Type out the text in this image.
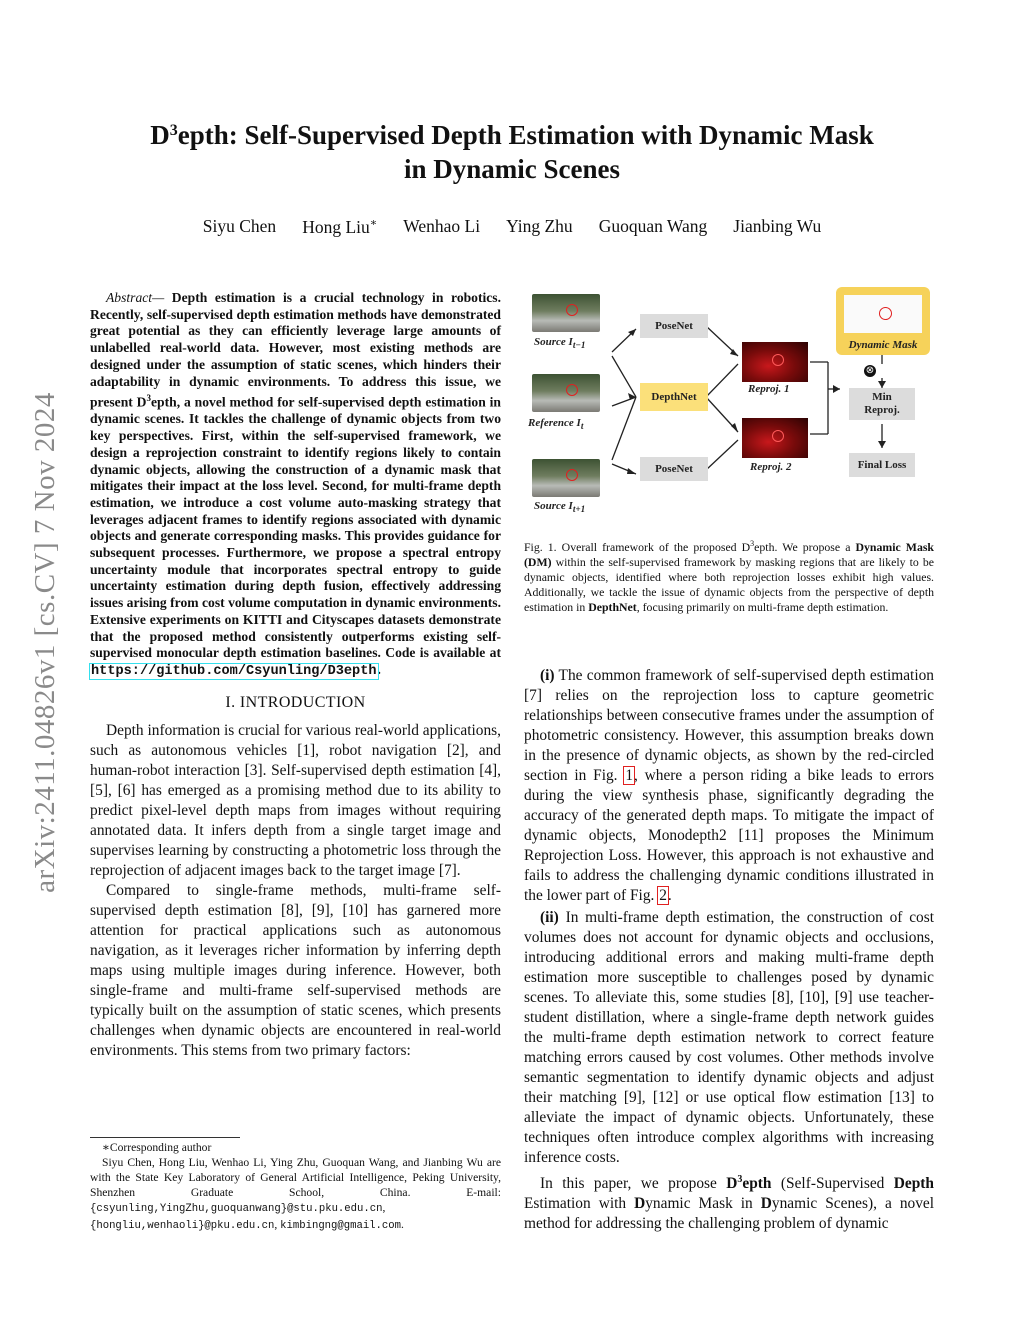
arXiv:2411.04826v1 [cs.CV] 7 Nov 2024
$D^3epth$: Self-Supervised Depth Estimation with Dynamic Mask
in Dynamic Scenes
Siyu Chen Hong Liu∗ Wenhao Li Ying Zhu Guoquan Wang Jianbing Wu

Abstract— Depth estimation is a crucial technology in robotics. Recently, self-supervised depth estimation methods have demonstrated great potential as they can efficiently leverage large amounts of unlabelled real-world data. However, most existing methods are designed under the assumption of static scenes, which hinders their adaptability in dynamic environments. To address this issue, we present $D^3epth$, a novel method for self-supervised depth estimation in dynamic scenes. It tackles the challenge of dynamic objects from two key perspectives. First, within the self-supervised framework, we design a reprojection constraint to identify regions likely to contain dynamic objects, allowing the construction of a dynamic mask that mitigates their impact at the loss level. Second, for multi-frame depth estimation, we introduce a cost volume auto-masking strategy that leverages adjacent frames to identify regions associated with dynamic objects and generate corresponding masks. This provides guidance for subsequent processes. Furthermore, we propose a spectral entropy uncertainty module that incorporates spectral entropy to guide uncertainty estimation during depth fusion, effectively addressing issues arising from cost volume computation in dynamic environments. Extensive experiments on KITTI and Cityscapes datasets demonstrate that the proposed method consistently outperforms existing self-supervised monocular depth estimation baselines. Code is available at https://github.com/Csyunling/D3epth.

I. INTRODUCTION

Depth information is crucial for various real-world applications, such as autonomous vehicles [1], robot navigation [2], and human-robot interaction [3]. Self-supervised depth estimation [4], [5], [6] has emerged as a promising method due to its ability to predict pixel-level depth maps from images without requiring annotated data. It infers depth from a single target image and supervises learning by constructing a photometric loss through the reprojection of adjacent images back to the target image [7].

Compared to single-frame methods, multi-frame self-supervised depth estimation [8], [9], [10] has garnered more attention for practical applications such as autonomous navigation, as it leverages richer information by inferring depth maps using multiple images during inference. However, both single-frame and multi-frame self-supervised methods are typically built on the assumption of static scenes, which presents challenges when dynamic objects are encountered in real-world environments. This stems from two primary factors:

∗Corresponding author

Siyu Chen, Hong Liu, Wenhao Li, Ying Zhu, Guoquan Wang, and Jianbing Wu are with the State Key Laboratory of General Artificial Intelligence, Peking University, Shenzhen Graduate School, China. E-mail: {csyunling,YingZhu,guoquanwang}@stu.pku.edu.cn, {hongliu,wenhaoli}@pku.edu.cn, kimbingng@gmail.com.

Source $I_{t-1}$
Reference $I_t$
Source $I_{t+1}$
PoseNet
DepthNet
PoseNet
Reproj. 1
Reproj. 2
Dynamic Mask
⊗
Min
Reproj.
Final Loss

Fig. 1. Overall framework of the proposed $D^3epth$. We propose a Dynamic Mask (DM) within the self-supervised framework by masking regions that are likely to be dynamic objects, identified where both reprojection losses exhibit high values. Additionally, we tackle the issue of dynamic objects from the perspective of depth estimation in DepthNet, focusing primarily on multi-frame depth estimation.

(i) The common framework of self-supervised depth estimation [7] relies on the reprojection loss to capture geometric relationships between consecutive frames under the assumption of photometric consistency. However, this assumption breaks down in the presence of dynamic objects, as shown by the red-circled section in Fig. 1, where a person riding a bike leads to errors during the view synthesis phase, significantly degrading the accuracy of the generated depth maps. To mitigate the impact of dynamic objects, Monodepth2 [11] proposes the Minimum Reprojection Loss. However, this approach is not exhaustive and fails to address the challenging dynamic conditions illustrated in the lower part of Fig. 2.

(ii) In multi-frame depth estimation, the construction of cost volumes does not account for dynamic objects and occlusions, introducing additional errors and making multi-frame depth estimation more susceptible to challenges posed by dynamic scenes. To alleviate this, some studies [8], [10], [9] use teacher-student distillation, where a single-frame depth network guides the multi-frame depth estimation network to correct feature matching errors caused by cost volumes. Other methods involve semantic segmentation to identify dynamic objects and adjust their matching [9], [12] or use optical flow estimation [13] to alleviate the impact of dynamic objects. Unfortunately, these techniques often introduce complex algorithms with increasing inference costs.

In this paper, we propose $D^3epth$ (Self-Supervised Depth Estimation with Dynamic Mask in Dynamic Scenes), a novel method for addressing the challenging problem of dynamic
